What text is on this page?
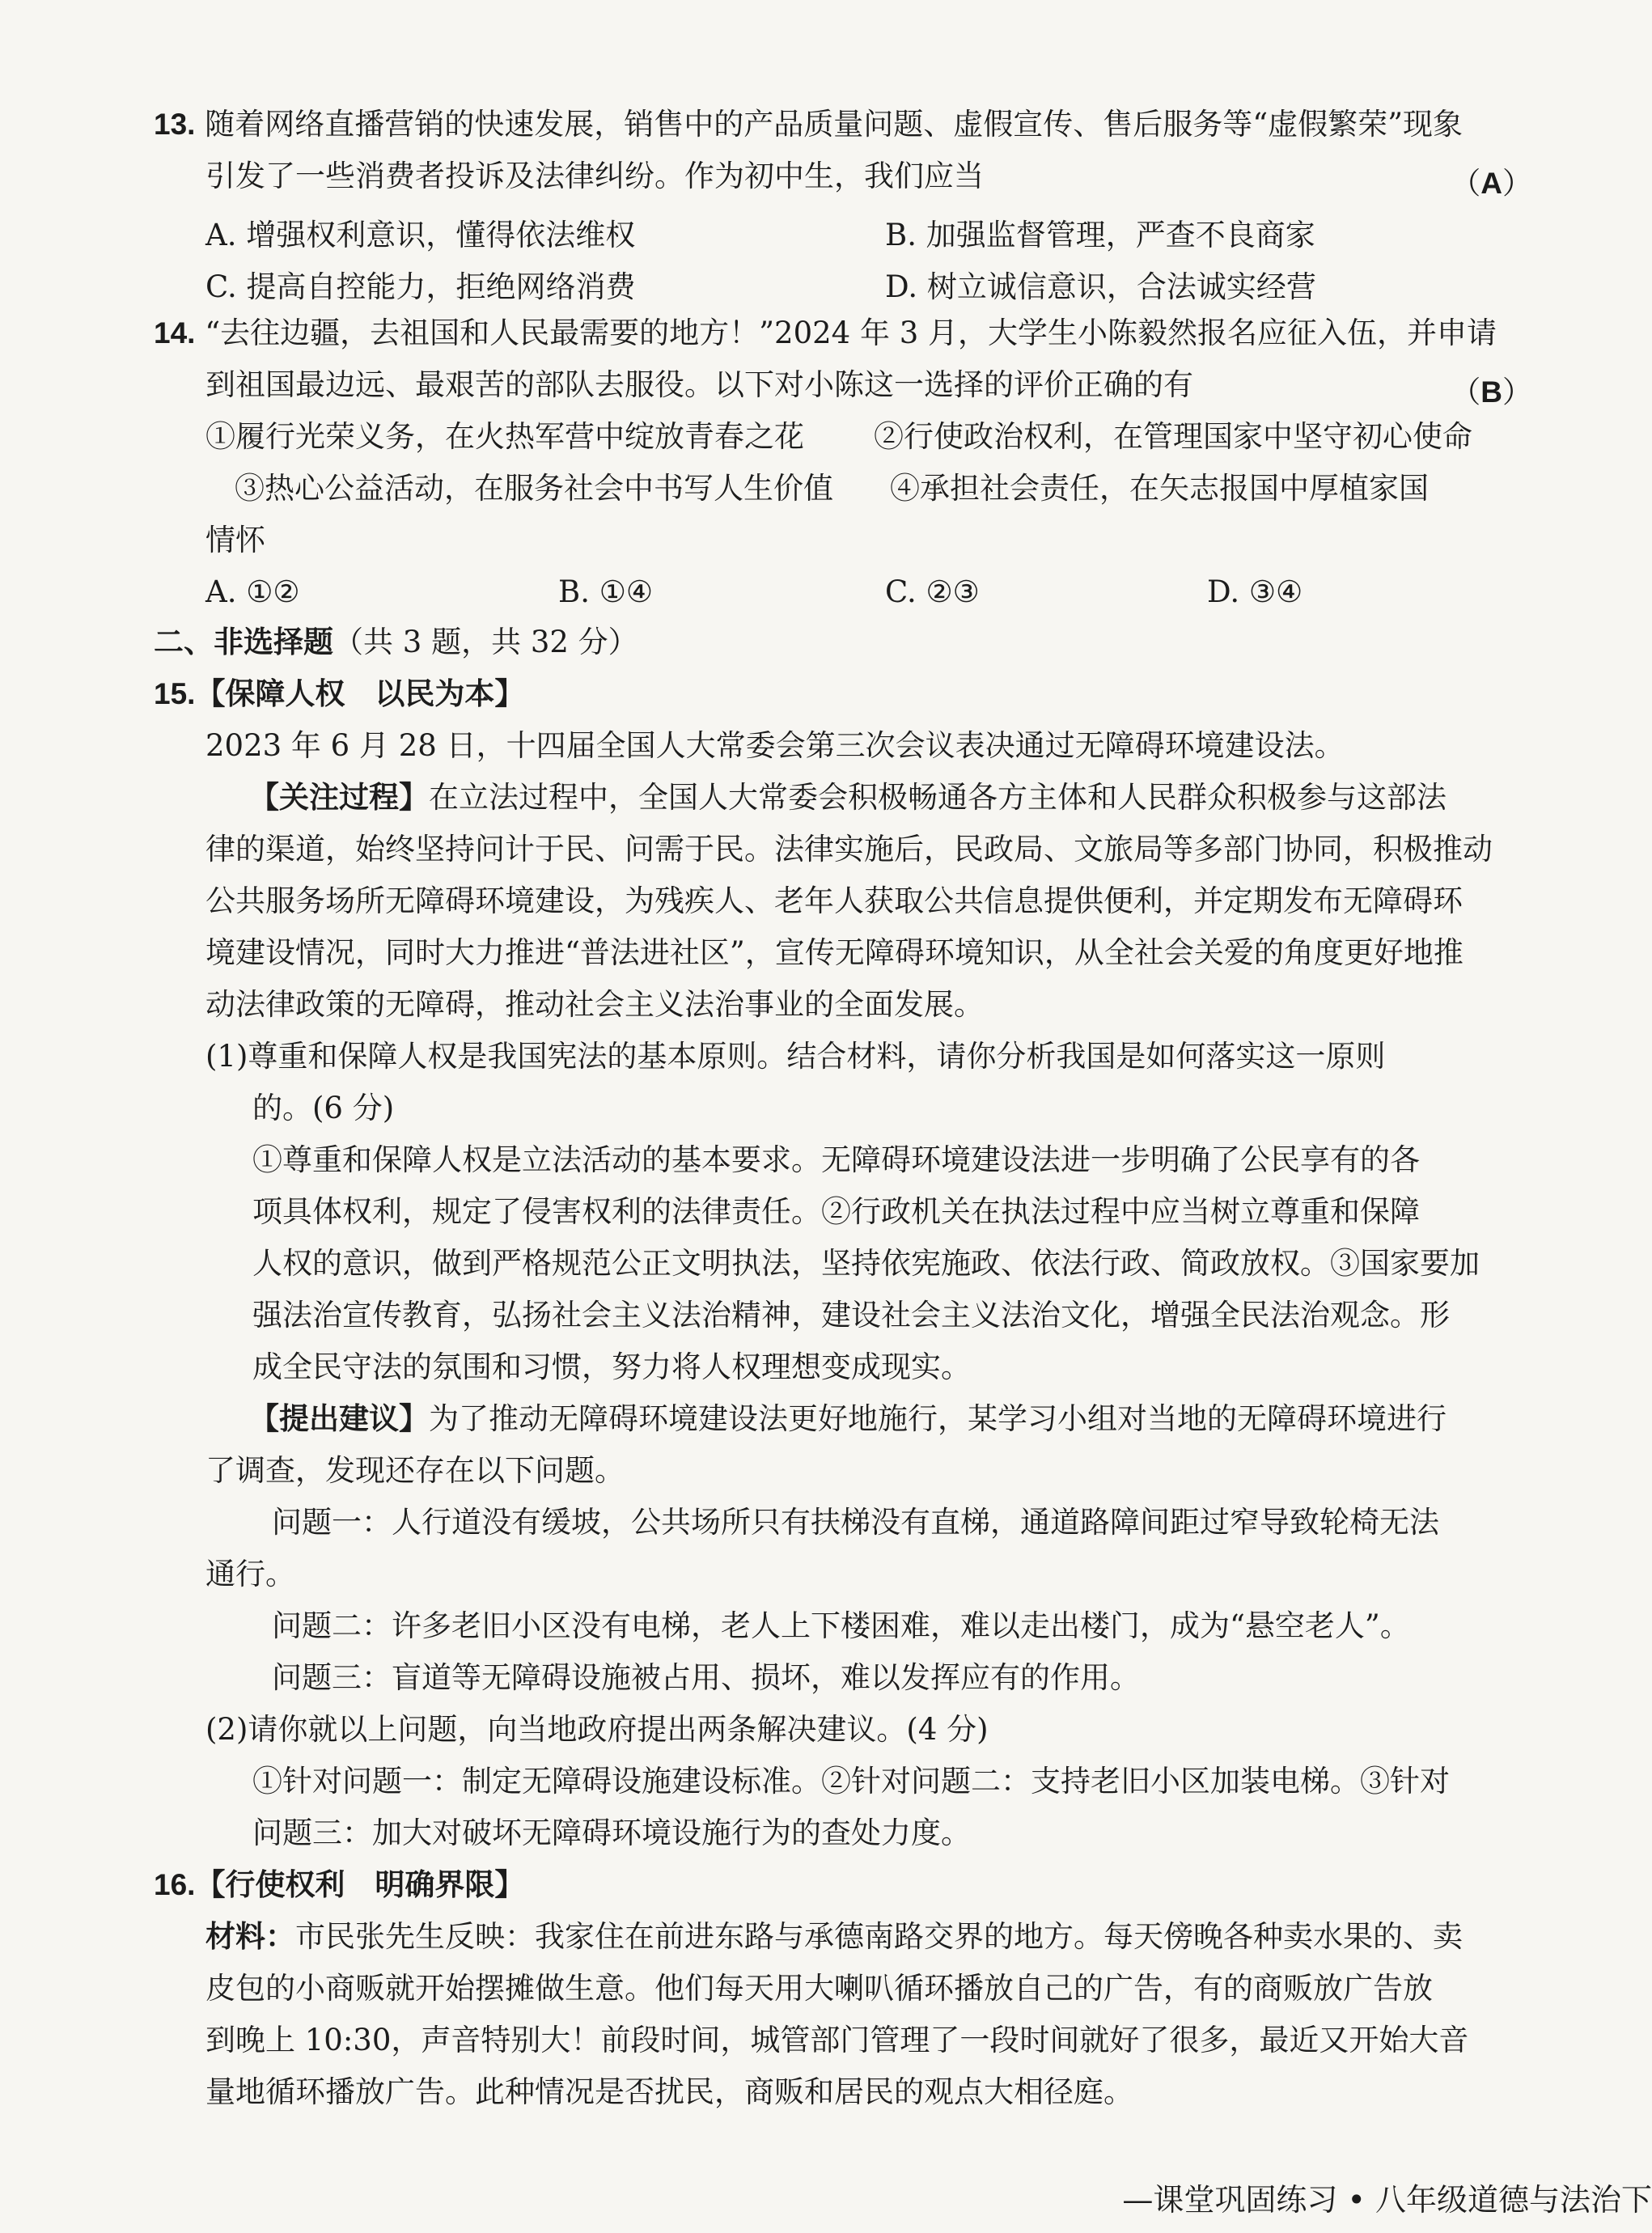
13. 随着网络直播营销的快速发展，销售中的产品质量问题、虚假宣传、售后服务等“虚假繁荣”现象
引发了一些消费者投诉及法律纠纷。作为初中生，我们应当	（A）
A. 增强权利意识，懂得依法维权	B. 加强监督管理，严查不良商家
C. 提高自控能力，拒绝网络消费	D. 树立诚信意识，合法诚实经营
14. “去往边疆，去祖国和人民最需要的地方！”2024 年 3 月，大学生小陈毅然报名应征入伍，并申请
到祖国最边远、最艰苦的部队去服役。以下对小陈这一选择的评价正确的有	（B）
①履行光荣义务，在火热军营中绽放青春之花 ②行使政治权利，在管理国家中坚守初心使命
③热心公益活动，在服务社会中书写人生价值 ④承担社会责任，在矢志报国中厚植家国
情怀
A. ①②	B. ①④	C. ②③	D. ③④
二、非选择题（共 3 题，共 32 分）
15.【保障人权　以民为本】
2023 年 6 月 28 日，十四届全国人大常委会第三次会议表决通过无障碍环境建设法。
【关注过程】在立法过程中，全国人大常委会积极畅通各方主体和人民群众积极参与这部法
律的渠道，始终坚持问计于民、问需于民。法律实施后，民政局、文旅局等多部门协同，积极推动
公共服务场所无障碍环境建设，为残疾人、老年人获取公共信息提供便利，并定期发布无障碍环
境建设情况，同时大力推进“普法进社区”，宣传无障碍环境知识，从全社会关爱的角度更好地推
动法律政策的无障碍，推动社会主义法治事业的全面发展。
(1)尊重和保障人权是我国宪法的基本原则。结合材料，请你分析我国是如何落实这一原则
的。(6 分)
①尊重和保障人权是立法活动的基本要求。无障碍环境建设法进一步明确了公民享有的各
项具体权利，规定了侵害权利的法律责任。②行政机关在执法过程中应当树立尊重和保障
人权的意识，做到严格规范公正文明执法，坚持依宪施政、依法行政、简政放权。③国家要加
强法治宣传教育，弘扬社会主义法治精神，建设社会主义法治文化，增强全民法治观念。形
成全民守法的氛围和习惯，努力将人权理想变成现实。
【提出建议】为了推动无障碍环境建设法更好地施行，某学习小组对当地的无障碍环境进行
了调查，发现还存在以下问题。
问题一：人行道没有缓坡，公共场所只有扶梯没有直梯，通道路障间距过窄导致轮椅无法
通行。
问题二：许多老旧小区没有电梯，老人上下楼困难，难以走出楼门，成为“悬空老人”。
问题三：盲道等无障碍设施被占用、损坏，难以发挥应有的作用。
(2)请你就以上问题，向当地政府提出两条解决建议。(4 分)
①针对问题一：制定无障碍设施建设标准。②针对问题二：支持老旧小区加装电梯。③针对
问题三：加大对破坏无障碍环境设施行为的查处力度。
16.【行使权利　明确界限】
材料：市民张先生反映：我家住在前进东路与承德南路交界的地方。每天傍晚各种卖水果的、卖
皮包的小商贩就开始摆摊做生意。他们每天用大喇叭循环播放自己的广告，有的商贩放广告放
到晚上 10:30，声音特别大！前段时间，城管部门管理了一段时间就好了很多，最近又开始大音
量地循环播放广告。此种情况是否扰民，商贩和居民的观点大相径庭。
—课堂巩固练习 • 八年级道德与法治下
